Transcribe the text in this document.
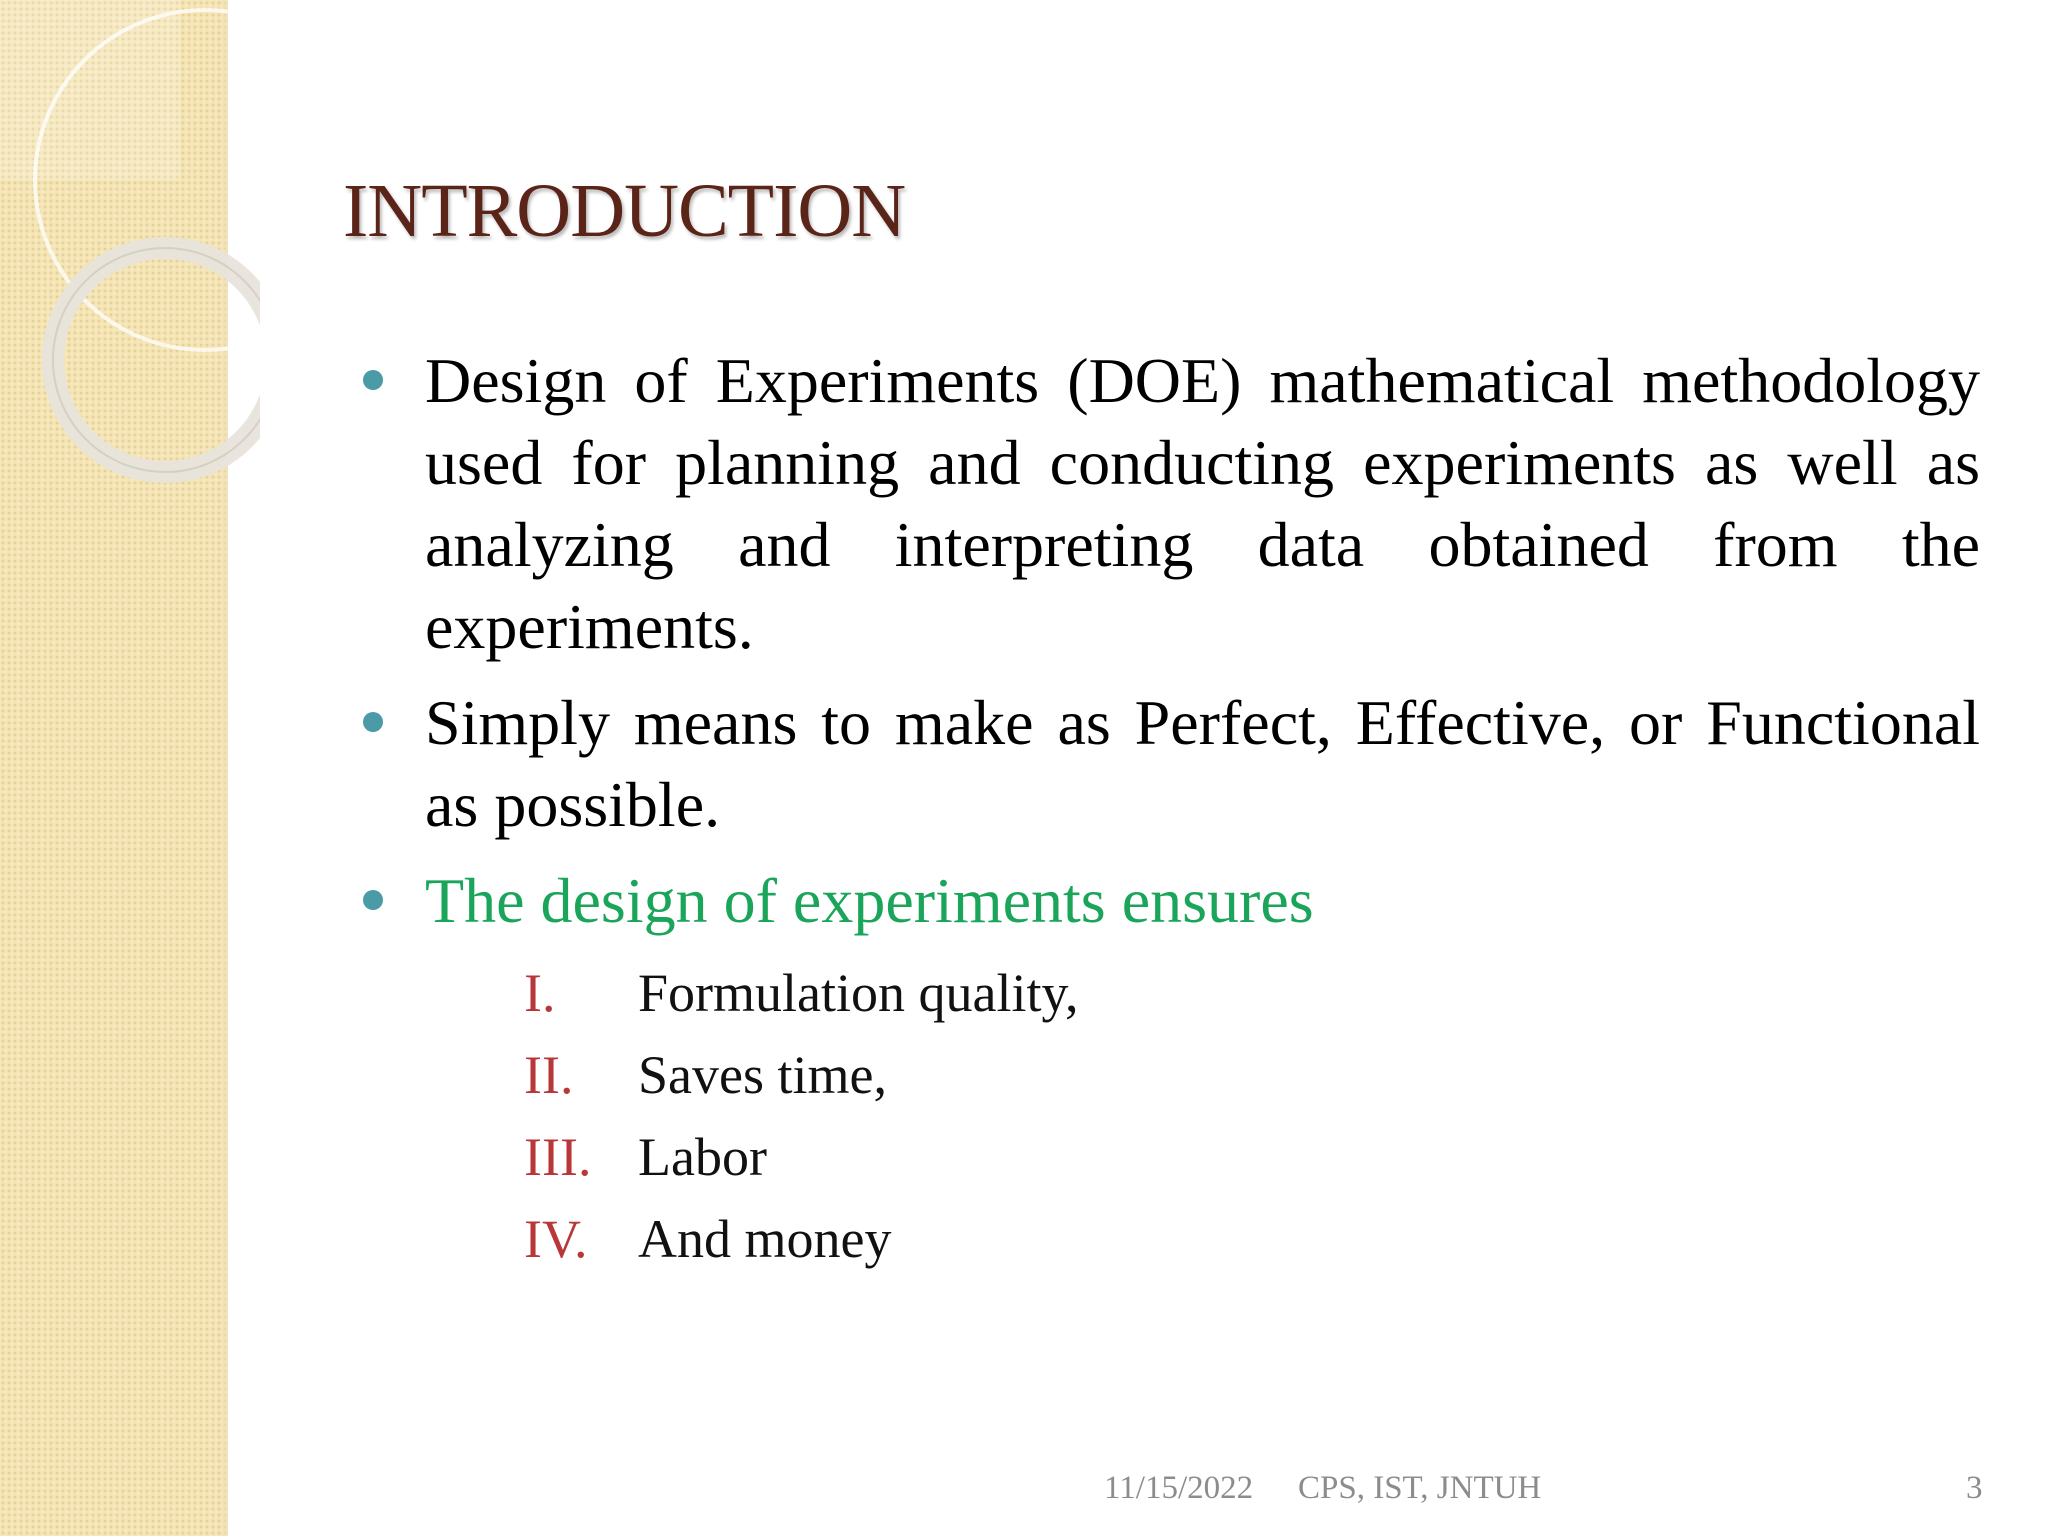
INTRODUCTION
Design of Experiments (DOE) mathematical methodology used for planning and conducting experiments as well as analyzing and interpreting data obtained from the experiments.
Simply means to make as Perfect, Effective, or Functional as possible.
The design of experiments ensures
I. Formulation quality,
II. Saves time,
III. Labor
IV. And money
11/15/2022 CPS, IST, JNTUH	3
